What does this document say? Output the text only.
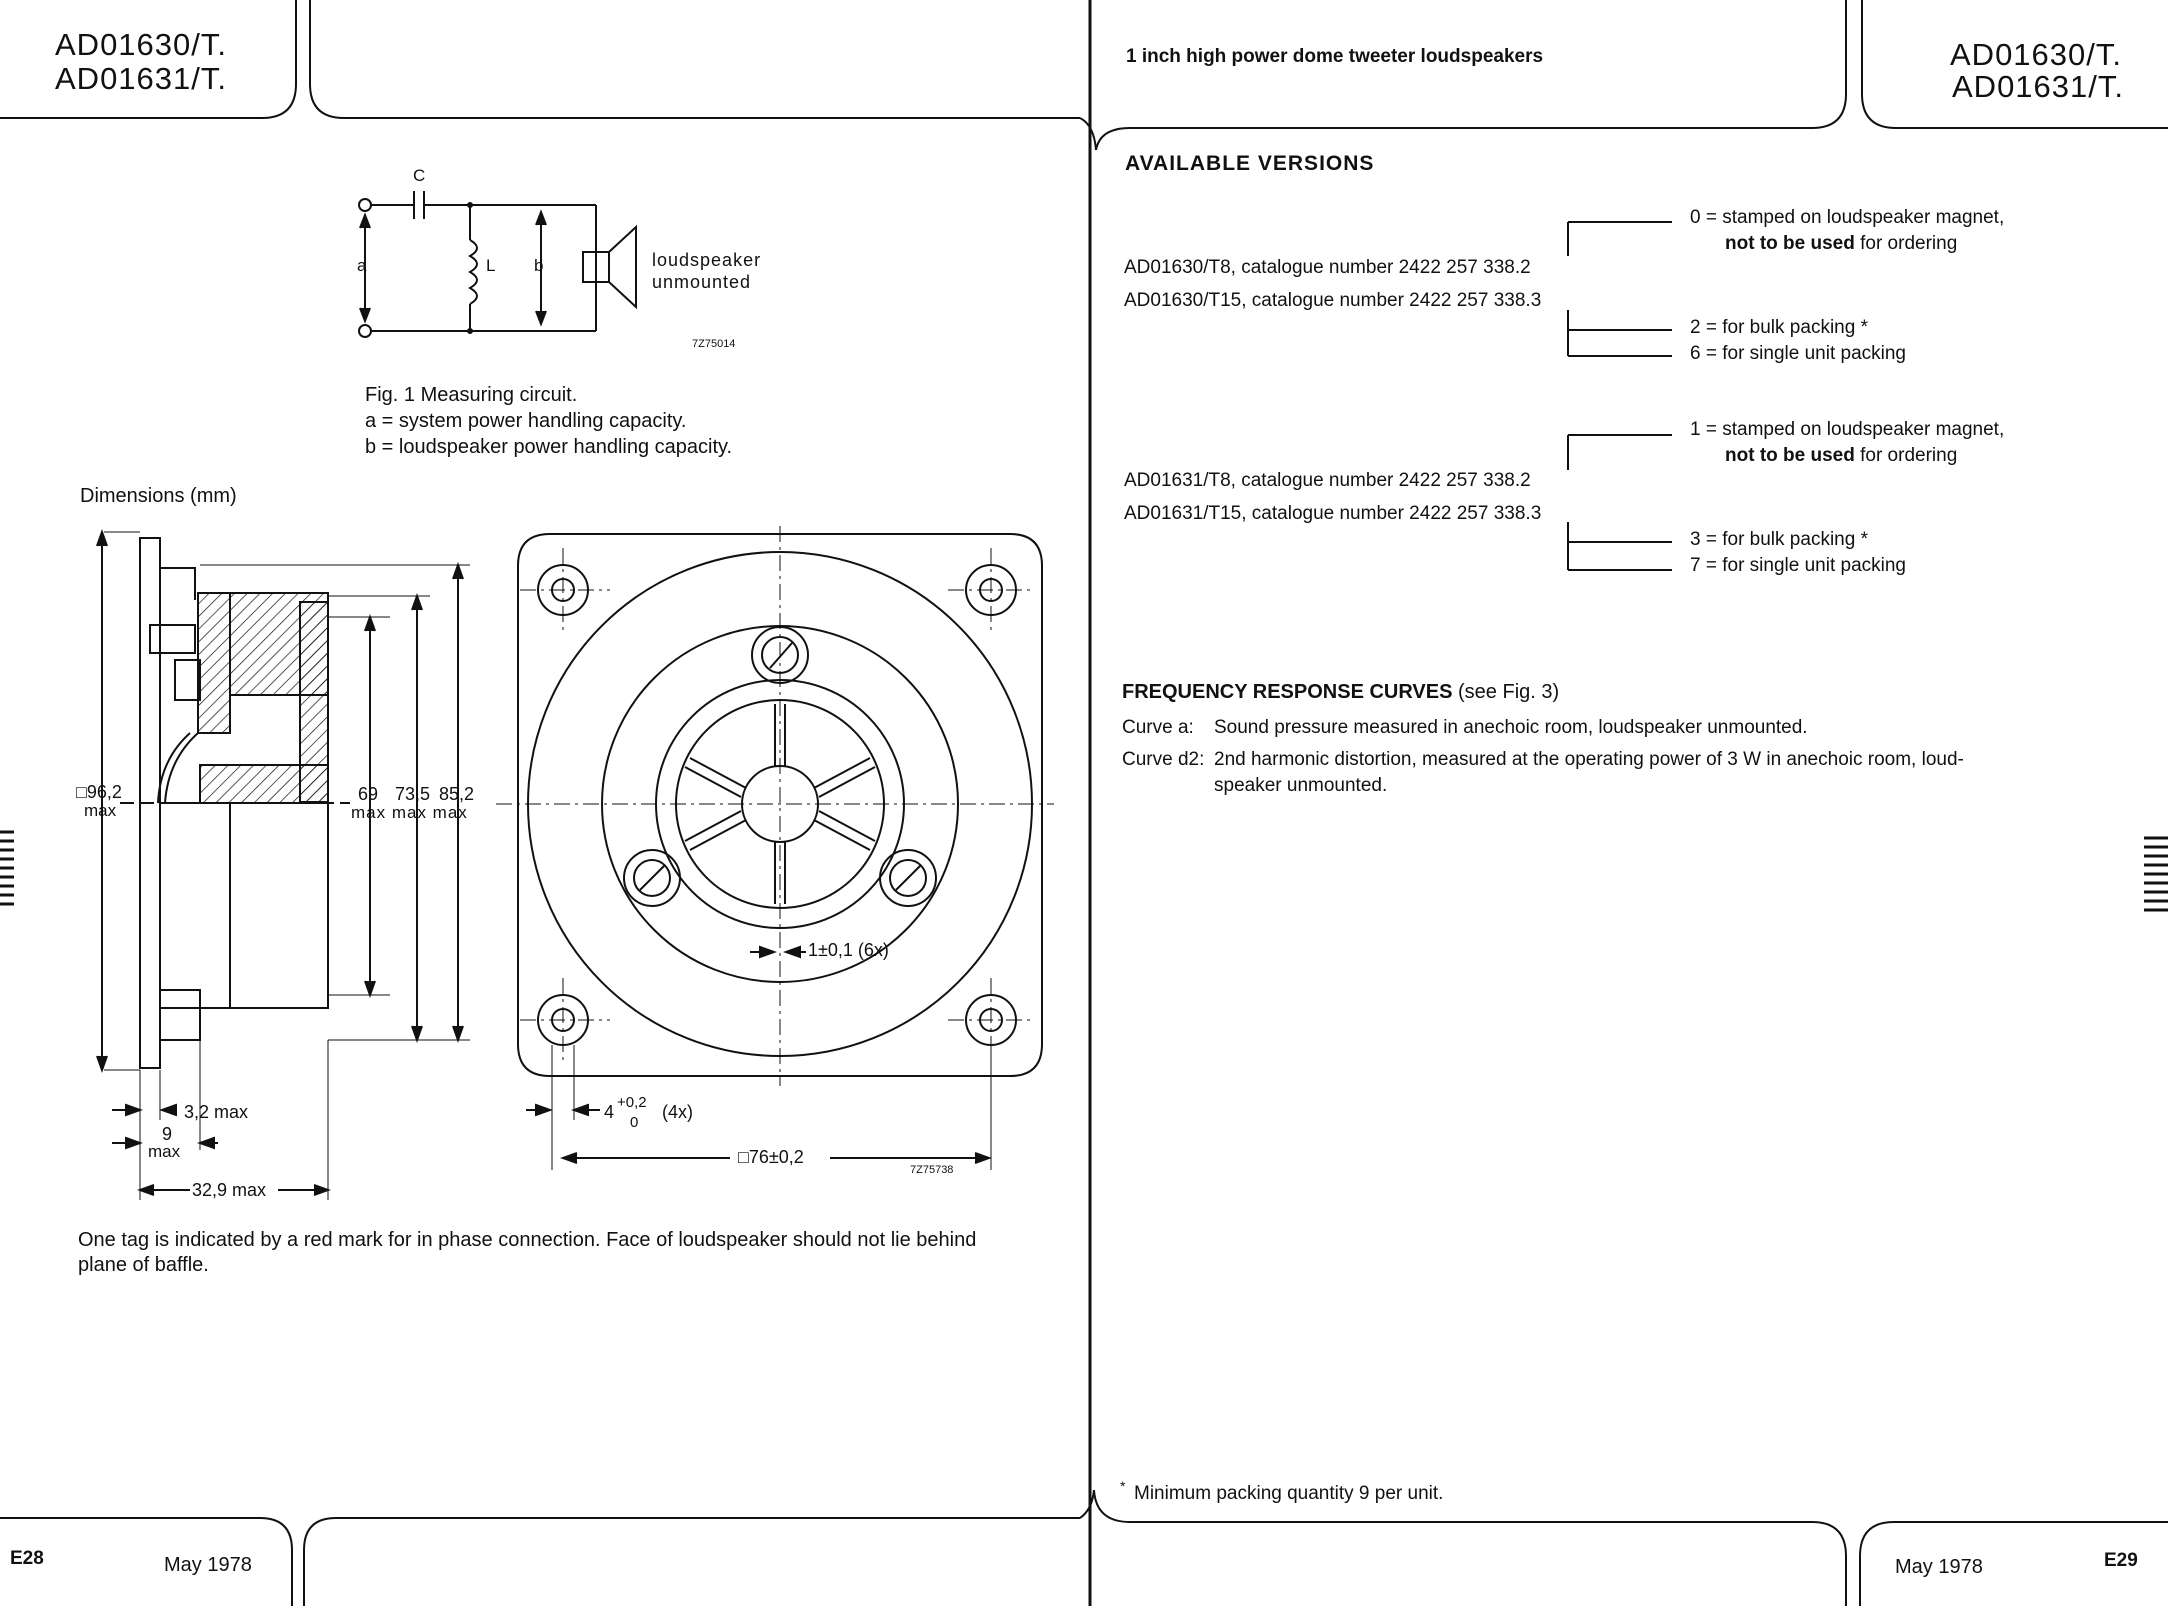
AD01630/T.
AD01631/T.
C
a	L b	loudspeaker
unmounted
7Z75014
Fig. 1 Measuring circuit.
a = system power handling capacity.
b = loudspeaker power handling capacity.
Dimensions (mm)
□96,2
max
69 73,5 85,2
max max max
3,2 max
9
max
32,9 max
1±0,1 (6x)
4 +0,2
0
(4x)
□76±0,2
7Z75738
One tag is indicated by a red mark for in phase connection. Face of loudspeaker should not lie behind
plane of baffle.
E28	May 1978
1 inch high power dome tweeter loudspeakers	AD01630/T.
AD01631/T.
AVAILABLE VERSIONS
0 = stamped on loudspeaker magnet,
not to be used for ordering
AD01630/T8, catalogue number 2422 257 338.2
AD01630/T15, catalogue number 2422 257 338.3
2 = for bulk packing *
6 = for single unit packing
1 = stamped on loudspeaker magnet,
not to be used for ordering
AD01631/T8, catalogue number 2422 257 338.2
AD01631/T15, catalogue number 2422 257 338.3
3 = for bulk packing *
7 = for single unit packing
FREQUENCY RESPONSE CURVES (see Fig. 3)
Curve a: Sound pressure measured in anechoic room, loudspeaker unmounted.
Curve d2: 2nd harmonic distortion, measured at the operating power of 3 W in anechoic room, loud-
speaker unmounted.
* Minimum packing quantity 9 per unit.
May 1978	E29
